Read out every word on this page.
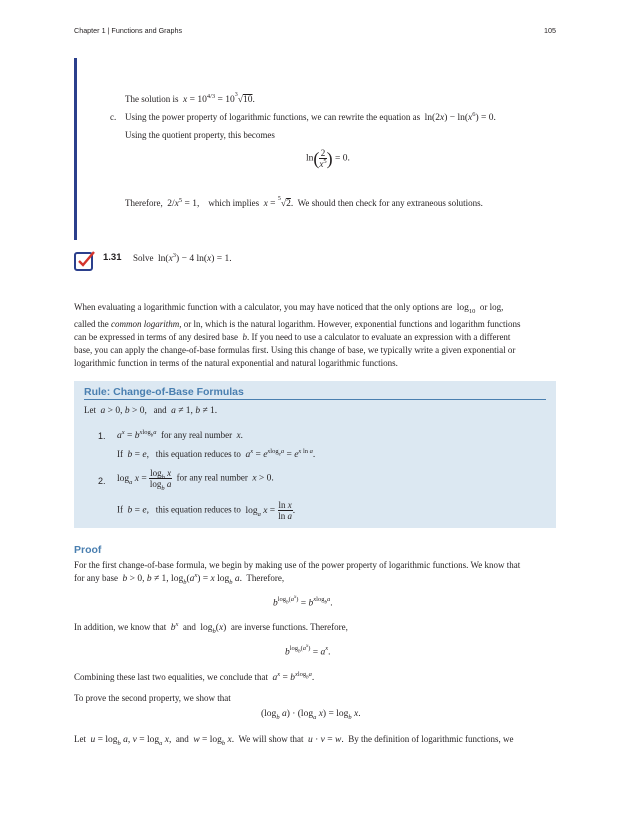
Chapter 1 | Functions and Graphs	105
The solution is $x = 10^{4/3} = 10^3√10$.
c. Using the power property of logarithmic functions, we can rewrite the equation as $\ln(2x) - \ln(x^6) = 0$.
Using the quotient property, this becomes
$\ln( \frac{2}{x^5}$ ) = 0.
Therefore, $2/x^5 = 1$, which implies x = $^5$√2. We should then check for any extraneous solutions.
1.31 Solve $\ln(x^3) - 4$ ln(x) = 1.
When evaluating a logarithmic function with a calculator, you may have noticed that the only options are $\log_{10}$ or log,
called the common logarithm, or ln, which is the natural logarithm. However, exponential functions and logarithm functions
can be expressed in terms of any desired base b. If you need to use a calculator to evaluate an expression with a different
base, you can apply the change-of-base formulas first. Using this change of base, we typically write a given exponential or
logarithmic function in terms of the natural exponential and natural logarithmic functions.
Rule: Change-of-Base Formulas
Let a > 0, b > 0, and a ≠ 1, b ≠ 1.
1. $a^x = b^{xlog_ba}$ for any real number x.
If b = e, this equation reduces to $a^x = e^{xlog_ea} = e^{x ln a}$.
2. $\log_a x = \frac{\log_b x}{\log_b a}$ for any real number x > 0.
If b = e, this equation reduces to $\log_a x = \frac{\text{ln x}}{\text{ln a}}$ .
Proof
For the first change-of-base formula, we begin by making use of the power property of logarithmic functions. We know that
for any base b > 0, b ≠ 1, $\log_b(a^x) = x$ $\log_b a$. Therefore,
$b^{log_b(a^x)} = b^{xlog_ba}$.
In addition, we know that $b^x$ and $\log_b(x)$ are inverse functions. Therefore,
$b^{log_b(a^x)} = a^x$.
Combining these last two equalities, we conclude that $a^x = b^{xlog_ba}$.
To prove the second property, we show that
($\log_b$ $a) \cdot (\log_a$ $x) = \log_b x$.
Let $u = \log_b a$, $v = \log_a x$, and $w = \log_b x$. We will show that u · v = w. By the definition of logarithmic functions, we
